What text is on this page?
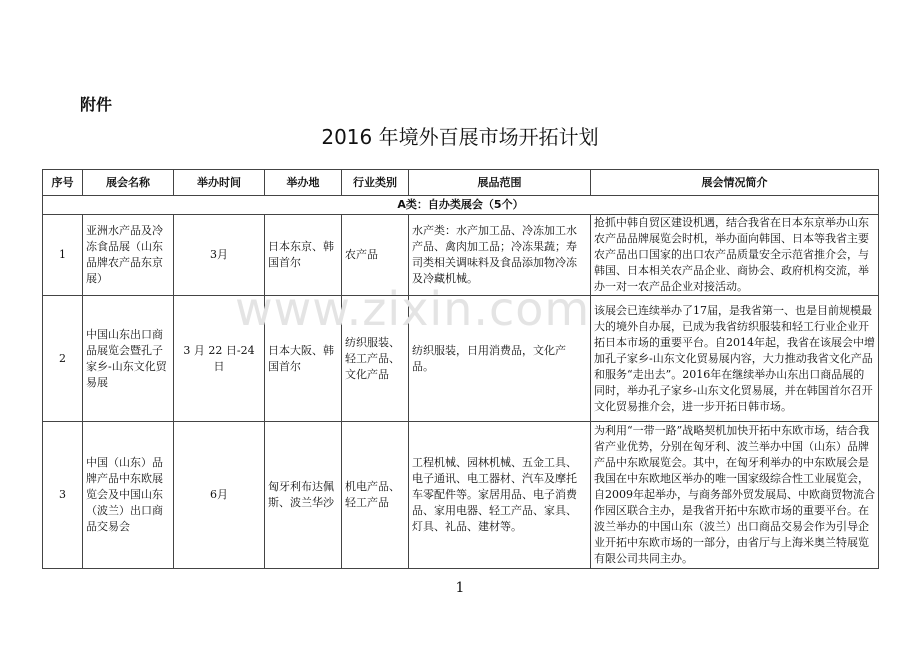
附件
2016 年境外百展市场开拓计划
序号	展会名称	举办时间	举办地	行业类别	展品范围	展会情况简介
A类：自办类展会（5个）						
1	亚洲水产品及冷冻食品展（山东品牌农产品东京展）	3月	日本东京、韩国首尔	农产品	水产类：水产加工品、冷冻加工水产品、禽肉加工品；冷冻果蔬；寿司类相关调味料及食品添加物冷冻及冷藏机械。	抢抓中韩自贸区建设机遇，结合我省在日本东京举办山东农产品品牌展览会时机，举办面向韩国、日本等我省主要农产品出口国家的出口农产品质量安全示范省推介会，与韩国、日本相关农产品企业、商协会、政府机构交流，举办一对一农产品企业对接活动。
2	中国山东出口商品展览会暨孔子家乡-山东文化贸易展	3 月 22 日-24 日	日本大阪、韩国首尔	纺织服装、轻工产品、文化产品	纺织服装，日用消费品，文化产品。	该展会已连续举办了17届，是我省第一、也是目前规模最大的境外自办展，已成为我省纺织服装和轻工行业企业开拓日本市场的重要平台。自2014年起，我省在该展会中增加孔子家乡-山东文化贸易展内容，大力推动我省文化产品和服务“走出去”。2016年在继续举办山东出口商品展的同时，举办孔子家乡-山东文化贸易展，并在韩国首尔召开文化贸易推介会，进一步开拓日韩市场。
3	中国（山东）品牌产品中东欧展览会及中国山东（波兰）出口商品交易会	6月	匈牙利布达佩斯、波兰华沙	机电产品、轻工产品	工程机械、园林机械、五金工具、电子通讯、电工器材、汽车及摩托车零配件等。家居用品、电子消费品、家用电器、轻工产品、家具、灯具、礼品、建材等。	为利用“一带一路”战略契机加快开拓中东欧市场，结合我省产业优势，分别在匈牙利、波兰举办中国（山东）品牌产品中东欧展览会。其中，在匈牙利举办的中东欧展会是我国在中东欧地区举办的唯一国家级综合性工业展览会，自2009年起举办，与商务部外贸发展局、中欧商贸物流合作园区联合主办，是我省开拓中东欧市场的重要平台。在波兰举办的中国山东（波兰）出口商品交易会作为引导企业开拓中东欧市场的一部分，由省厅与上海米奥兰特展览有限公司共同主办。
www.zixin.com
1
